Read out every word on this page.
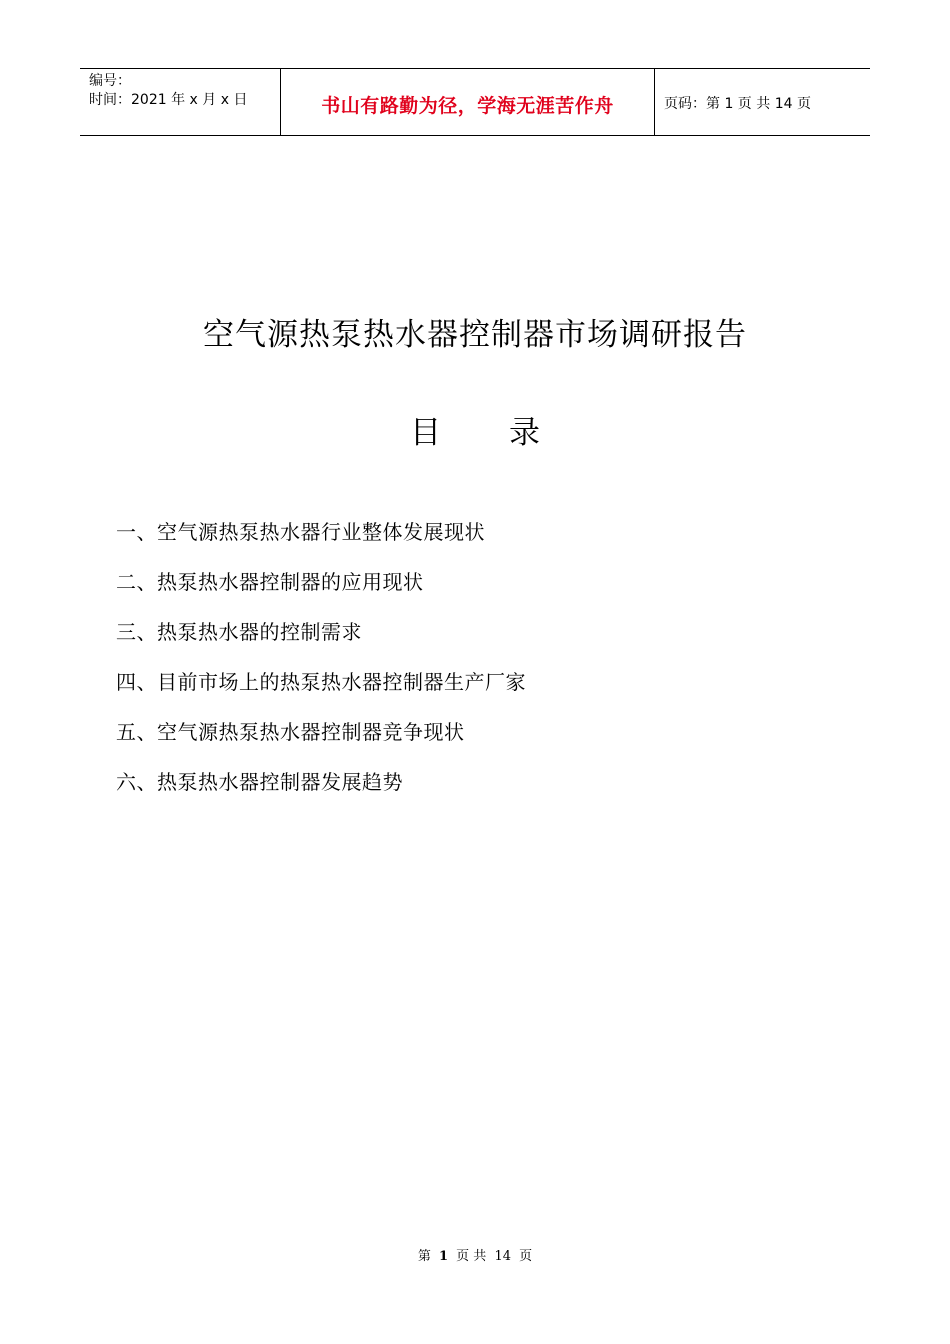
编号：
时间：2021 年 x 月 x 日	书山有路勤为径，学海无涯苦作舟	页码：第 1 页 共 14 页
空气源热泵热水器控制器市场调研报告
目 录
一、空气源热泵热水器行业整体发展现状
二、热泵热水器控制器的应用现状
三、热泵热水器的控制需求
四、目前市场上的热泵热水器控制器生产厂家
五、空气源热泵热水器控制器竞争现状
六、热泵热水器控制器发展趋势
第 1 页 共 14 页
